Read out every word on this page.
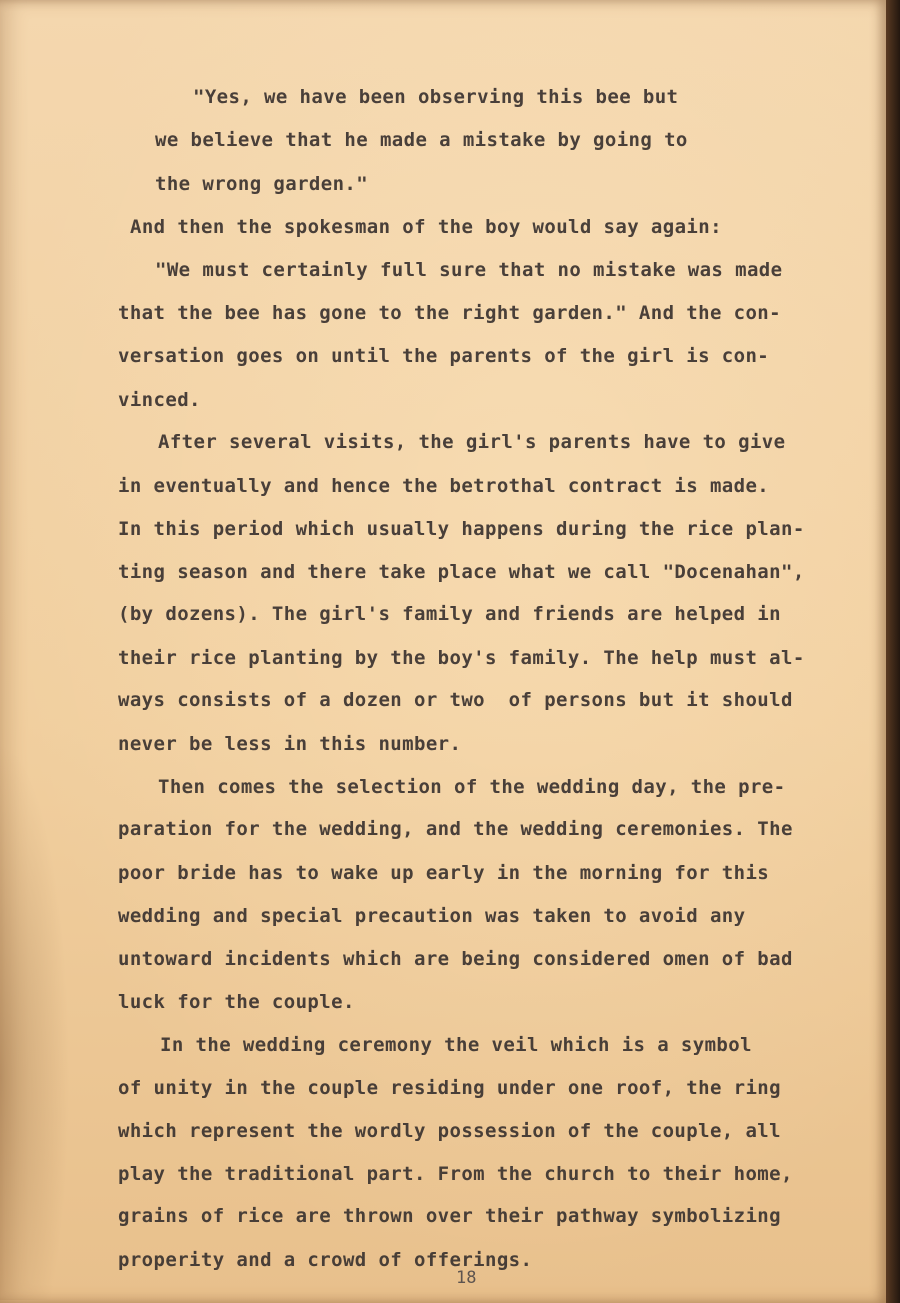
"Yes, we have been observing this bee but
we believe that he made a mistake by going to
the wrong garden."
And then the spokesman of the boy would say again:
"We must certainly full sure that no mistake was made
that the bee has gone to the right garden." And the con-
versation goes on until the parents of the girl is con-
vinced.
After several visits, the girl's parents have to give
in eventually and hence the betrothal contract is made.
In this period which usually happens during the rice plan-
ting season and there take place what we call "Docenahan",
(by dozens). The girl's family and friends are helped in
their rice planting by the boy's family. The help must al-
ways consists of a dozen or two  of persons but it should
never be less in this number.
Then comes the selection of the wedding day, the pre-
paration for the wedding, and the wedding ceremonies. The
poor bride has to wake up early in the morning for this
wedding and special precaution was taken to avoid any
untoward incidents which are being considered omen of bad
luck for the couple.
In the wedding ceremony the veil which is a symbol
of unity in the couple residing under one roof, the ring
which represent the wordly possession of the couple, all
play the traditional part. From the church to their home,
grains of rice are thrown over their pathway symbolizing
properity and a crowd of offerings.
18
